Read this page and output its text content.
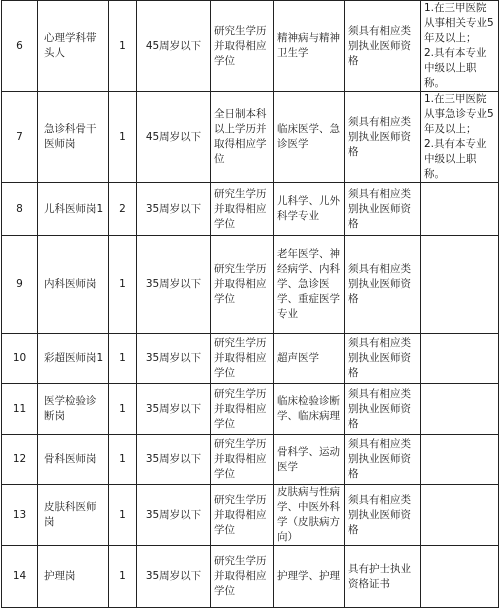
6	心理学科带头人	1	45周岁以下	研究生学历并取得相应学位	精神病与精神卫生学	须具有相应类别执业医师资格	1.在三甲医院从事相关专业5年及以上；
2.具有本专业中级以上职称。
7	急诊科骨干医师岗	1	45周岁以下	全日制本科以上学历并取得相应学位	临床医学、急诊医学	须具有相应类别执业医师资格	1.在三甲医院从事急诊专业5年及以上；
2.具有本专业中级以上职称。
8	儿科医师岗1	2	35周岁以下	研究生学历并取得相应学位	儿科学、儿外科学专业	须具有相应类别执业医师资格	
9	内科医师岗	1	35周岁以下	研究生学历并取得相应学位	老年医学、神经病学、内科学、急诊医学、重症医学专业	须具有相应类别执业医师资格	
10	彩超医师岗1	1	35周岁以下	研究生学历并取得相应学位	超声医学	须具有相应类别执业医师资格	
11	医学检验诊断岗	1	35周岁以下	研究生学历并取得相应学位	临床检验诊断学、临床病理	须具有相应类别执业医师资格	
12	骨科医师岗	1	35周岁以下	研究生学历并取得相应学位	骨科学、运动医学	须具有相应类别执业医师资格	
13	皮肤科医师岗	1	35周岁以下	研究生学历并取得相应学位	皮肤病与性病学、中医外科学（皮肤病方向）	须具有相应类别执业医师资格	
14	护理岗	1	35周岁以下	研究生学历并取得相应学位	护理学、护理	具有护士执业资格证书	
